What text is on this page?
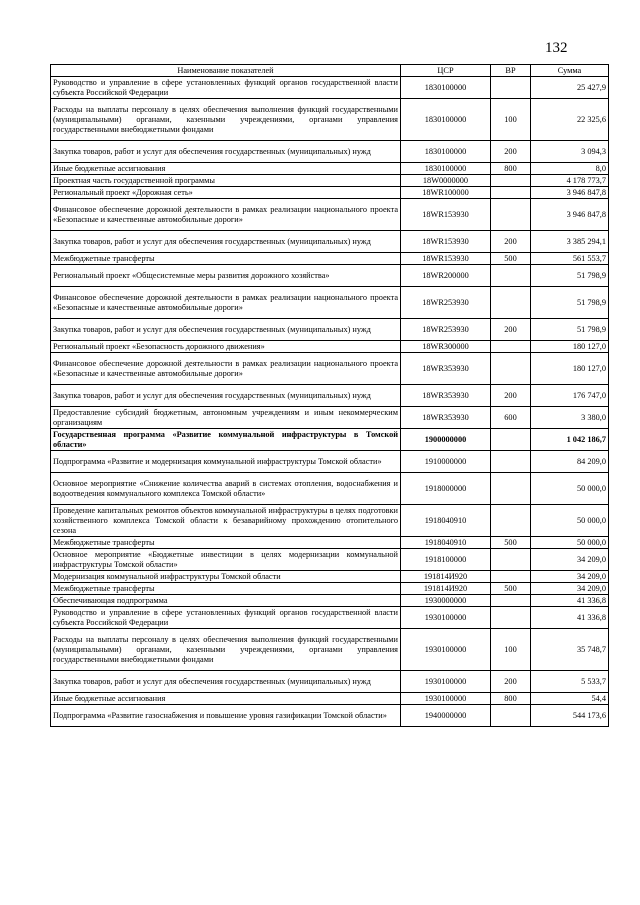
132
Наименование показателей	ЦСР	ВР	Сумма
Руководство и управление в сфере установленных функций органов государственной власти субъекта Российской Федерации	1830100000		25 427,9
Расходы на выплаты персоналу в целях обеспечения выполнения функций государственными (муниципальными) органами, казенными учреждениями, органами управления государственными внебюджетными фондами	1830100000	100	22 325,6
Закупка товаров, работ и услуг для обеспечения государственных (муниципальных) нужд	1830100000	200	3 094,3
Иные бюджетные ассигнования	1830100000	800	8,0
Проектная часть государственной программы	18W0000000		4 178 773,7
Региональный проект «Дорожная сеть»	18WR100000		3 946 847,8
Финансовое обеспечение дорожной деятельности в рамках реализации национального проекта «Безопасные и качественные автомобильные дороги»	18WR153930		3 946 847,8
Закупка товаров, работ и услуг для обеспечения государственных (муниципальных) нужд	18WR153930	200	3 385 294,1
Межбюджетные трансферты	18WR153930	500	561 553,7
Региональный проект «Общесистемные меры развития дорожного хозяйства»	18WR200000		51 798,9
Финансовое обеспечение дорожной деятельности в рамках реализации национального проекта «Безопасные и качественные автомобильные дороги»	18WR253930		51 798,9
Закупка товаров, работ и услуг для обеспечения государственных (муниципальных) нужд	18WR253930	200	51 798,9
Региональный проект «Безопасность дорожного движения»	18WR300000		180 127,0
Финансовое обеспечение дорожной деятельности в рамках реализации национального проекта «Безопасные и качественные автомобильные дороги»	18WR353930		180 127,0
Закупка товаров, работ и услуг для обеспечения государственных (муниципальных) нужд	18WR353930	200	176 747,0
Предоставление субсидий бюджетным, автономным учреждениям и иным некоммерческим организациям	18WR353930	600	3 380,0
Государственная программа «Развитие коммунальной инфраструктуры в Томской области»	1900000000		1 042 186,7
Подпрограмма «Развитие и модернизация коммунальной инфраструктуры Томской области»	1910000000		84 209,0
Основное мероприятие «Снижение количества аварий в системах отопления, водоснабжения и водоотведения коммунального комплекса Томской области»	1918000000		50 000,0
Проведение капитальных ремонтов объектов коммунальной инфраструктуры в целях подготовки хозяйственного комплекса Томской области к безаварийному прохождению отопительного сезона	1918040910		50 000,0
Межбюджетные трансферты	1918040910	500	50 000,0
Основное мероприятие «Бюджетные инвестиции в целях модернизации коммунальной инфраструктуры Томской области»	1918100000		34 209,0
Модернизация коммунальной инфраструктуры Томской области	191814И920		34 209,0
Межбюджетные трансферты	191814И920	500	34 209,0
Обеспечивающая подпрограмма	1930000000		41 336,8
Руководство и управление в сфере установленных функций органов государственной власти субъекта Российской Федерации	1930100000		41 336,8
Расходы на выплаты персоналу в целях обеспечения выполнения функций государственными (муниципальными) органами, казенными учреждениями, органами управления государственными внебюджетными фондами	1930100000	100	35 748,7
Закупка товаров, работ и услуг для обеспечения государственных (муниципальных) нужд	1930100000	200	5 533,7
Иные бюджетные ассигнования	1930100000	800	54,4
Подпрограмма «Развитие газоснабжения и повышение уровня газификации Томской области»	1940000000		544 173,6
